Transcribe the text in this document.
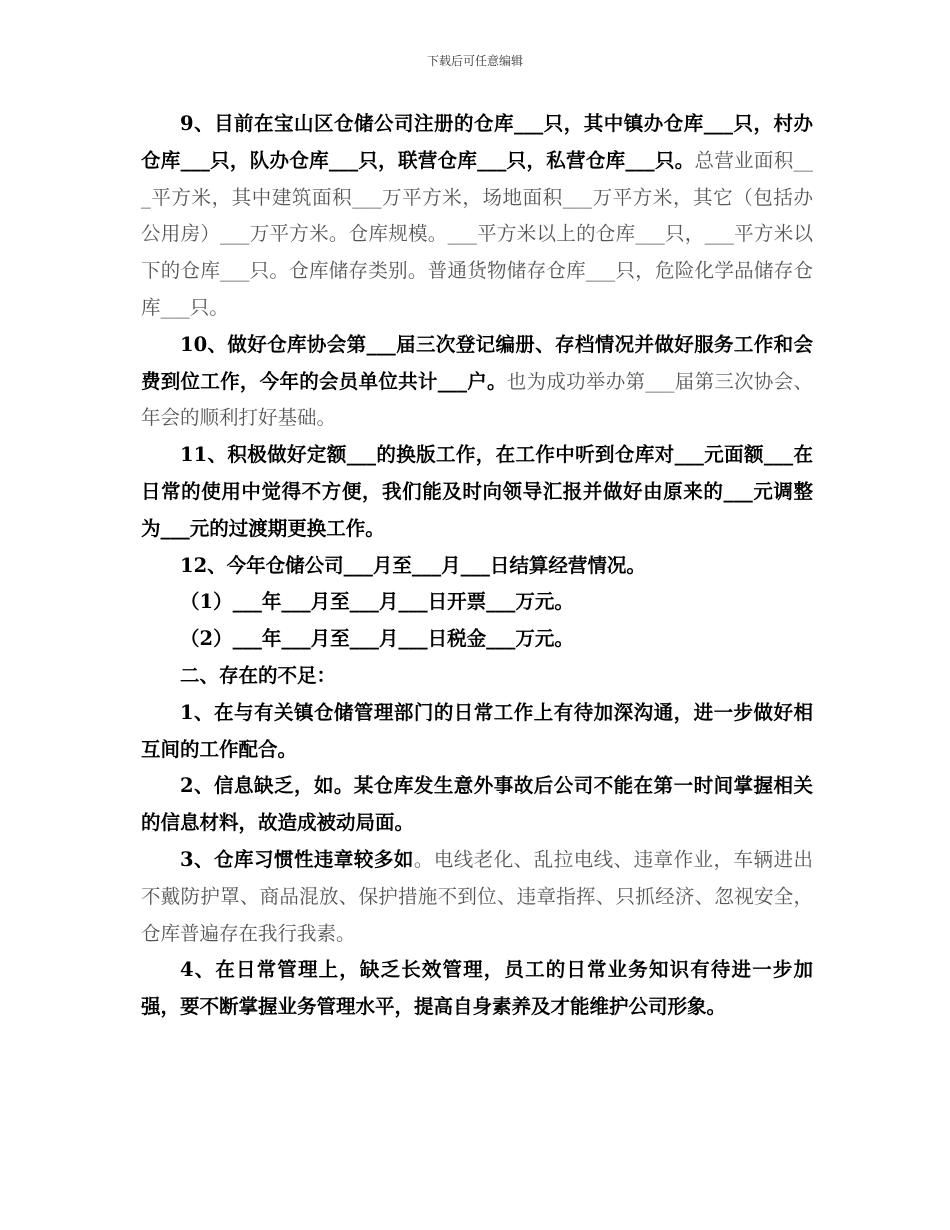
下载后可任意编辑

9、目前在宝山区仓储公司注册的仓库___只，其中镇办仓库___只，村办仓库___只，队办仓库___只，联营仓库___只，私营仓库___只。总营业面积___平方米，其中建筑面积___万平方米，场地面积___万平方米，其它（包括办公用房）___万平方米。仓库规模。___平方米以上的仓库___只，___平方米以下的仓库___只。仓库储存类别。普通货物储存仓库___只，危险化学品储存仓库___只。

10、做好仓库协会第___届三次登记编册、存档情况并做好服务工作和会费到位工作，今年的会员单位共计___户。也为成功举办第___届第三次协会、年会的顺利打好基础。

11、积极做好定额___的换版工作，在工作中听到仓库对___元面额___在日常的使用中觉得不方便，我们能及时向领导汇报并做好由原来的___元调整为___元的过渡期更换工作。

12、今年仓储公司___月至___月___日结算经营情况。

（1）___年___月至___月___日开票___万元。

（2）___年___月至___月___日税金___万元。

二、存在的不足：

1、在与有关镇仓储管理部门的日常工作上有待加深沟通，进一步做好相互间的工作配合。

2、信息缺乏，如。某仓库发生意外事故后公司不能在第一时间掌握相关的信息材料，故造成被动局面。

3、仓库习惯性违章较多如。电线老化、乱拉电线、违章作业，车辆进出不戴防护罩、商品混放、保护措施不到位、违章指挥、只抓经济、忽视安全，仓库普遍存在我行我素。

4、在日常管理上，缺乏长效管理，员工的日常业务知识有待进一步加强，要不断掌握业务管理水平，提高自身素养及才能维护公司形象。
